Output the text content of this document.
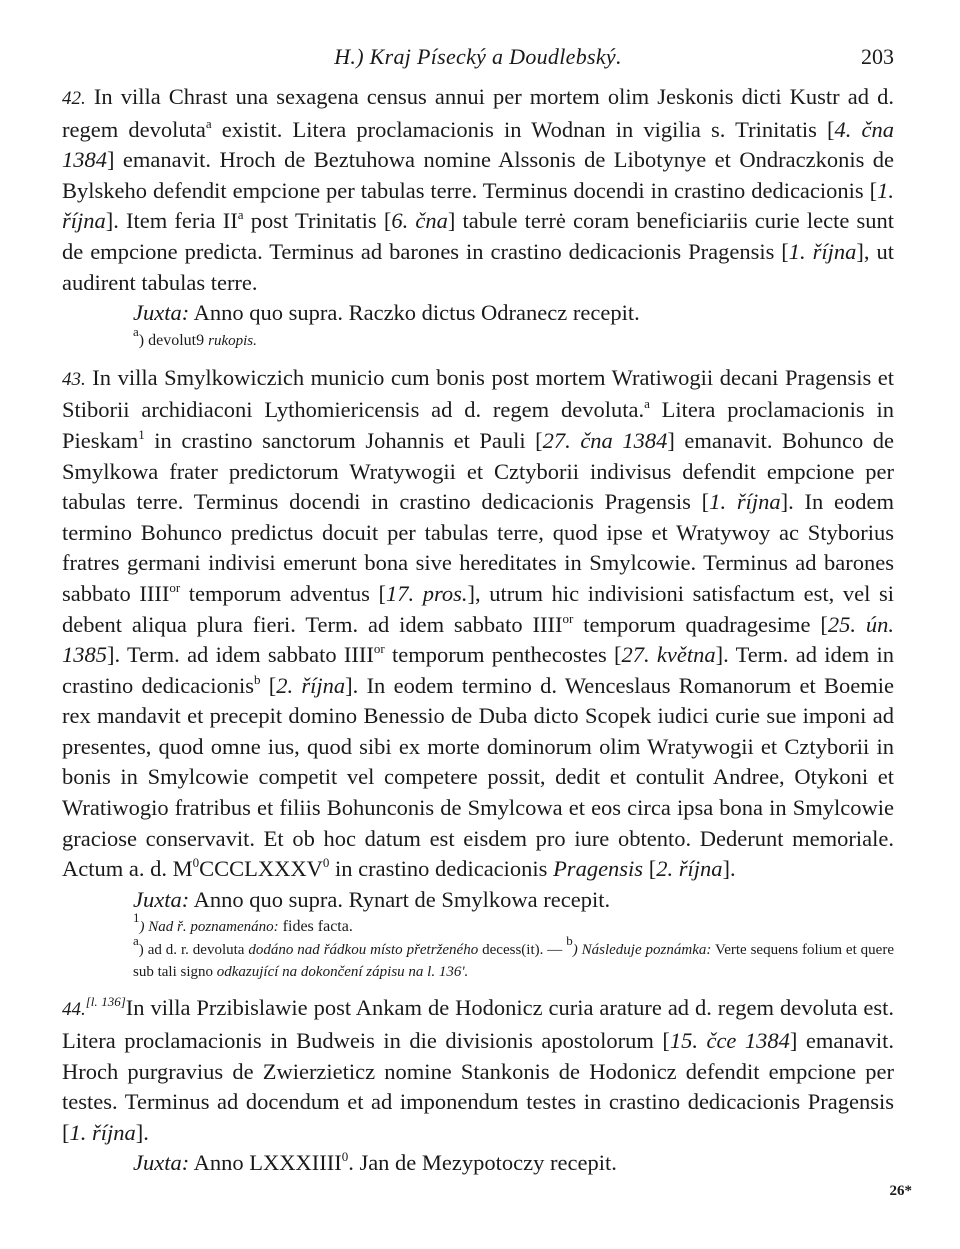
H.) Kraj Písecký a Doudlebský.	203

42. In villa Chrast una sexagena census annui per mortem olim Jeskonis dicti Kustr ad d. regem devoluta$^a$ existit. Litera proclamacionis in Wodnan in vigilia s. Trinitatis [4. čna 1384] emanavit. Hroch de Beztuhowa nomine Alssonis de Libotynye et Ondraczkonis de Bylskeho defendit empcione per tabulas terre. Terminus docendi in crastino dedicacionis [1. října]. Item feria $II^a$ post Trinitatis [6. čna] tabule terrė coram beneficiariis curie lecte sunt de empcione predicta. Terminus ad barones in crastino dedicacionis Pragensis [1. října], ut audirent tabulas terre.

Juxta: Anno quo supra. Raczko dictus Odranecz recepit.

$^a$) devolut9 rukopis.

43. In villa Smylkowiczich municio cum bonis post mortem Wratiwogii decani Pragensis et Stiborii archidiaconi Lythomiericensis ad d. regem devoluta.$^a$ Litera proclamacionis in Pieskam$^1$ in crastino sanctorum Johannis et Pauli [27. čna 1384] emanavit. Bohunco de Smylkowa frater predictorum Wratywogii et Cztyborii indivisus defendit empcione per tabulas terre. Terminus docendi in crastino dedicacionis Pragensis [1. října]. In eodem termino Bohunco predictus docuit per tabulas terre, quod ipse et Wratywoy ac Styborius fratres germani indivisi emerunt bona sive hereditates in Smylcowie. Terminus ad barones sabbato $IIII^{or}$ temporum adventus [17. pros.], utrum hic indivisioni satisfactum est, vel si debent aliqua plura fieri. Term. ad idem sabbato $IIII^{or}$ temporum quadragesime [25. ún. 1385]. Term. ad idem sabbato $IIII^{or}$ temporum penthecostes [27. května]. Term. ad idem in crastino dedicacionis$^b$ [2. října]. In eodem termino d. Wenceslaus Romanorum et Boemie rex mandavit et precepit domino Benessio de Duba dicto Scopek iudici curie sue imponi ad presentes, quod omne ius, quod sibi ex morte dominorum olim Wratywogii et Cztyborii in bonis in Smylcowie competit vel competere possit, dedit et contulit Andree, Otykoni et Wratiwogio fratribus et filiis Bohunconis de Smylcowa et eos circa ipsa bona in Smylcowie graciose conservavit. Et ob hoc datum est eisdem pro iure obtento. Dederunt memoriale. Actum a. d. $M^0CCCLXXXV^0$ in crastino dedicacionis Pragensis [2. října].

Juxta: Anno quo supra. Rynart de Smylkowa recepit.

$^1$) Nad ř. poznamenáno: fides facta.

a) ad d. r. devoluta dodáno nad řádkou místo přetrženého decess(it). — b) Následuje poznámka: Verte sequens folium et quere sub tali signo odkazující na dokončení zápisu na l. 136'.

44.[l. 136]In villa Przibislawie post Ankam de Hodonicz curia arature ad d. regem devoluta est. Litera proclamacionis in Budweis in die divisionis apostolorum [15. čce 1384] emanavit. Hroch purgravius de Zwierzieticz nomine Stankonis de Hodonicz defendit empcione per testes. Terminus ad docendum et ad imponendum testes in crastino dedicacionis Pragensis [1. října].

Juxta: Anno LXXXIIII$^0$. Jan de Mezypotoczy recepit.

26*
